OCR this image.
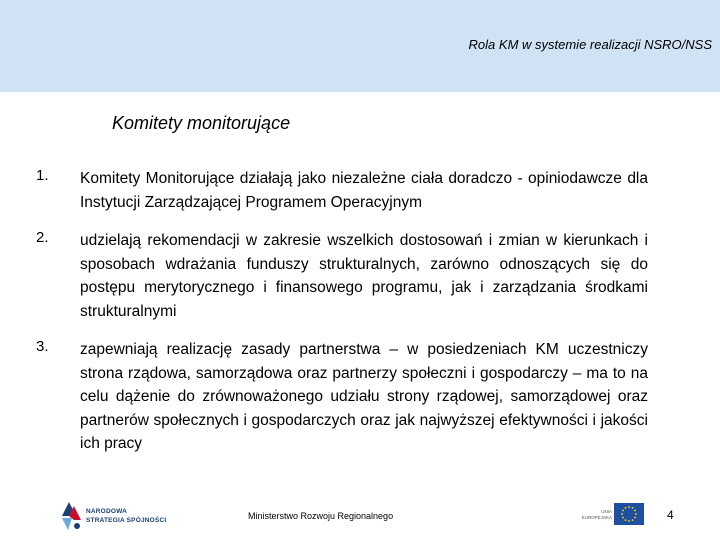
Rola KM w systemie realizacji NSRO/NSS
Komitety monitorujące
1. Komitety Monitorujące działają jako niezależne ciała doradczo - opiniodawcze dla Instytucji Zarządzającej Programem Operacyjnym
2. udzielają rekomendacji w zakresie wszelkich dostosowań i zmian w kierunkach i sposobach wdrażania funduszy strukturalnych, zarówno odnoszących się do postępu merytorycznego i finansowego programu, jak i zarządzania środkami strukturalnymi
3. zapewniają realizację zasady partnerstwa – w posiedzeniach KM uczestniczy strona rządowa, samorządowa oraz partnerzy społeczni i gospodarczy – ma to na celu dążenie do zrównoważonego udziału strony rządowej, samorządowej oraz partnerów społecznych i gospodarczych oraz jak najwyższej efektywności i jakości ich pracy
NARODOWA
STRATEGIA SPÓJNOŚCI	Ministerstwo Rozwoju Regionalnego	UNIA
EUROPEJSKA	4
